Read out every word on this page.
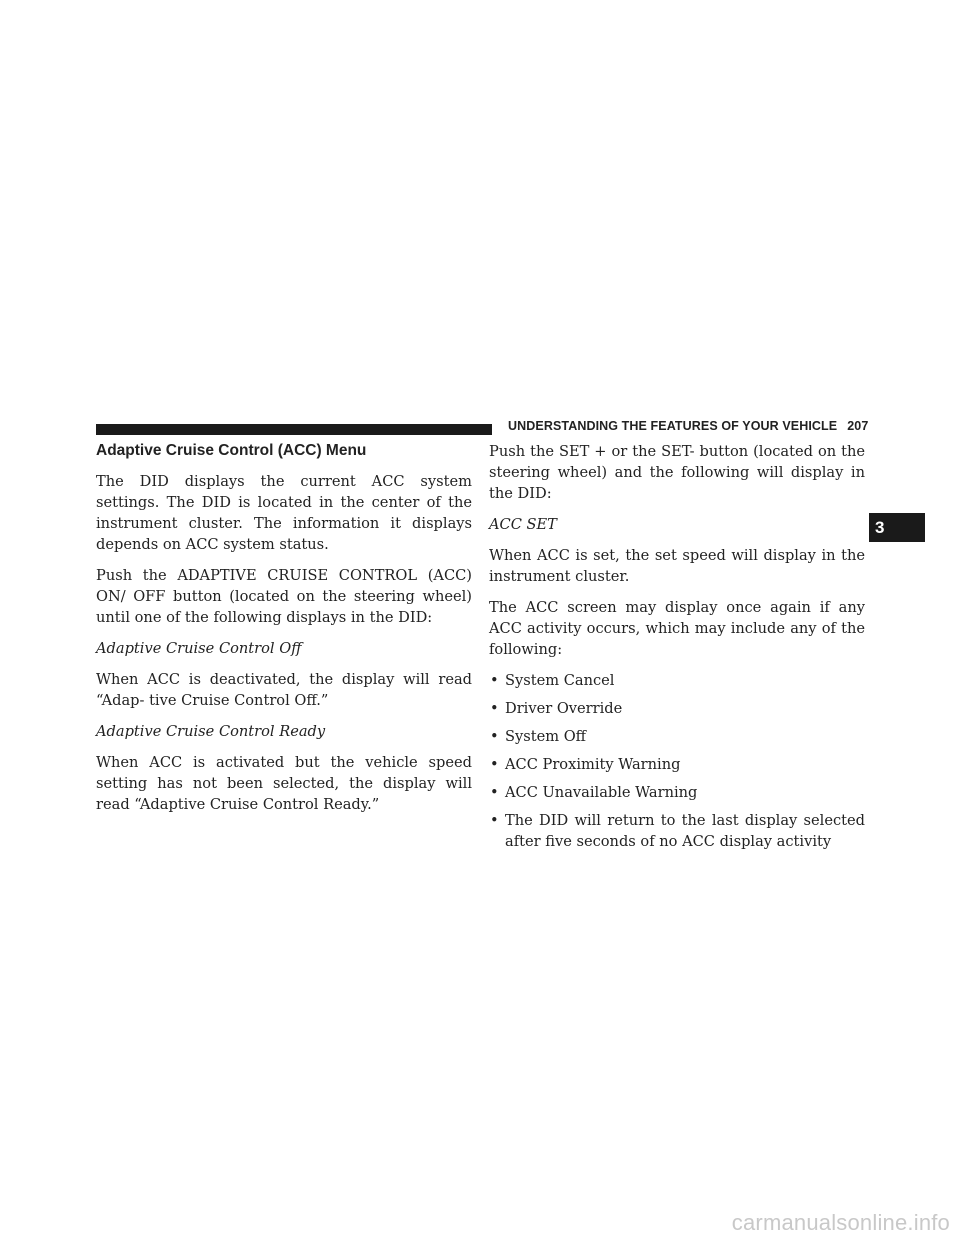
UNDERSTANDING THE FEATURES OF YOUR VEHICLE 207
3
Adaptive Cruise Control (ACC) Menu

The DID displays the current ACC system settings. The DID is located in the center of the instrument cluster. The information it displays depends on ACC system status.

Push the ADAPTIVE CRUISE CONTROL (ACC) ON/ OFF button (located on the steering wheel) until one of the following displays in the DID:

Adaptive Cruise Control Off

When ACC is deactivated, the display will read “Adap- tive Cruise Control Off.”

Adaptive Cruise Control Ready

When ACC is activated but the vehicle speed setting has not been selected, the display will read “Adaptive Cruise Control Ready.”

Push the SET + or the SET- button (located on the steering wheel) and the following will display in the DID:

ACC SET

When ACC is set, the set speed will display in the instrument cluster.

The ACC screen may display once again if any ACC activity occurs, which may include any of the following:

• System Cancel
• Driver Override
• System Off
• ACC Proximity Warning
• ACC Unavailable Warning
• The DID will return to the last display selected after five seconds of no ACC display activity
carmanualsonline.info
